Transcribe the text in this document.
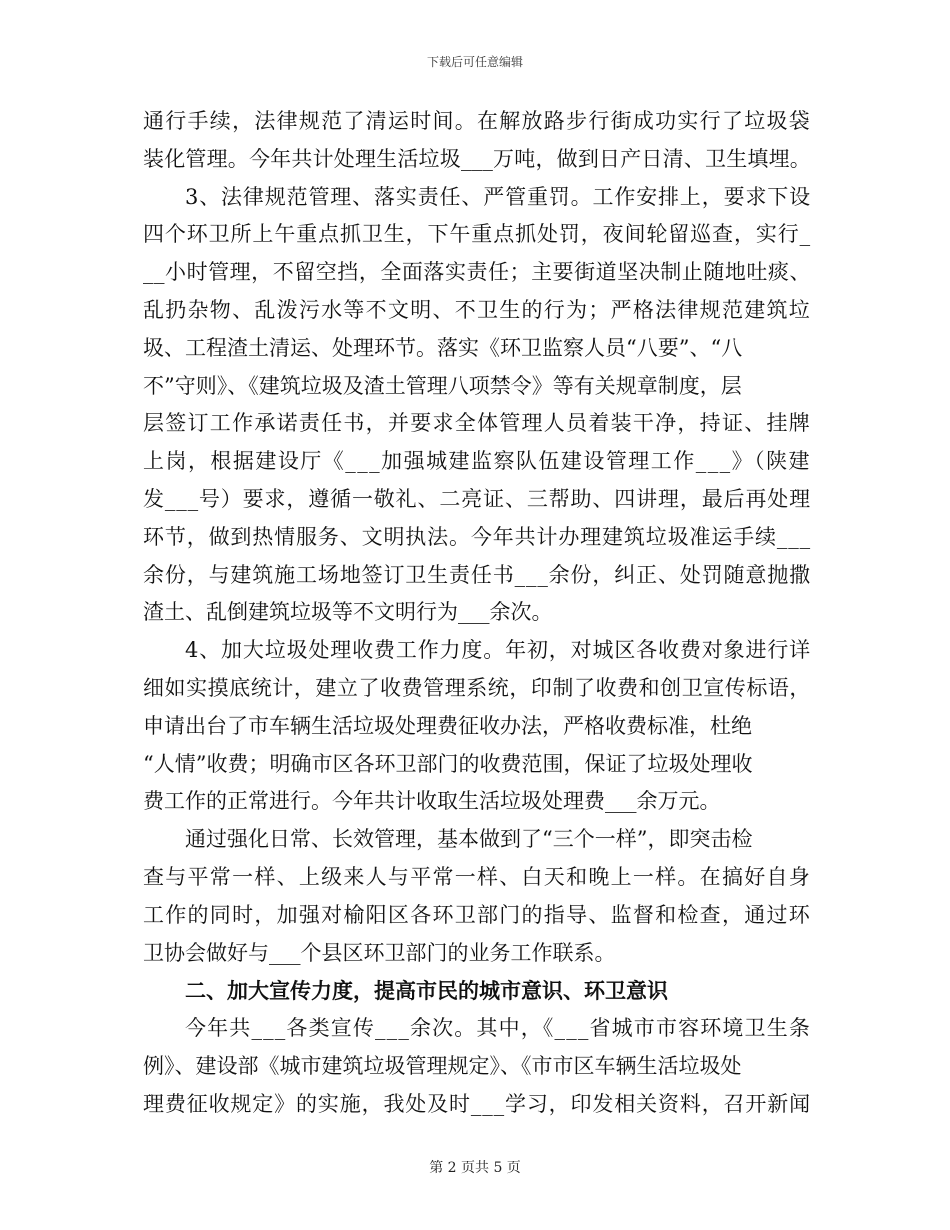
下载后可任意编辑
通行手续，法律规范了清运时间。在解放路步行街成功实行了垃圾袋
装化管理。今年共计处理生活垃圾___万吨，做到日产日清、卫生填埋。
3、法律规范管理、落实责任、严管重罚。工作安排上，要求下设
四个环卫所上午重点抓卫生，下午重点抓处罚，夜间轮留巡查，实行_
__小时管理，不留空挡，全面落实责任；主要街道坚决制止随地吐痰、
乱扔杂物、乱泼污水等不文明、不卫生的行为；严格法律规范建筑垃
圾、工程渣土清运、处理环节。落实《环卫监察人员“八要”、“八
不”守则》、《建筑垃圾及渣土管理八项禁令》等有关规章制度，层
层签订工作承诺责任书，并要求全体管理人员着装干净，持证、挂牌
上岗，根据建设厅《___加强城建监察队伍建设管理工作___》（陕建
发___号）要求，遵循一敬礼、二亮证、三帮助、四讲理，最后再处理
环节，做到热情服务、文明执法。今年共计办理建筑垃圾准运手续___
余份，与建筑施工场地签订卫生责任书___余份，纠正、处罚随意抛撒
渣土、乱倒建筑垃圾等不文明行为___余次。
4、加大垃圾处理收费工作力度。年初，对城区各收费对象进行详
细如实摸底统计，建立了收费管理系统，印制了收费和创卫宣传标语，
申请出台了市车辆生活垃圾处理费征收办法，严格收费标准，杜绝
“人情”收费；明确市区各环卫部门的收费范围，保证了垃圾处理收
费工作的正常进行。今年共计收取生活垃圾处理费___余万元。
通过强化日常、长效管理，基本做到了“三个一样”，即突击检
查与平常一样、上级来人与平常一样、白天和晚上一样。在搞好自身
工作的同时，加强对榆阳区各环卫部门的指导、监督和检查，通过环
卫协会做好与___个县区环卫部门的业务工作联系。
二、加大宣传力度，提高市民的城市意识、环卫意识
今年共___各类宣传___余次。其中，《___省城市市容环境卫生条
例》、建设部《城市建筑垃圾管理规定》、《市市区车辆生活垃圾处
理费征收规定》的实施，我处及时___学习，印发相关资料，召开新闻
第 2 页共 5 页
